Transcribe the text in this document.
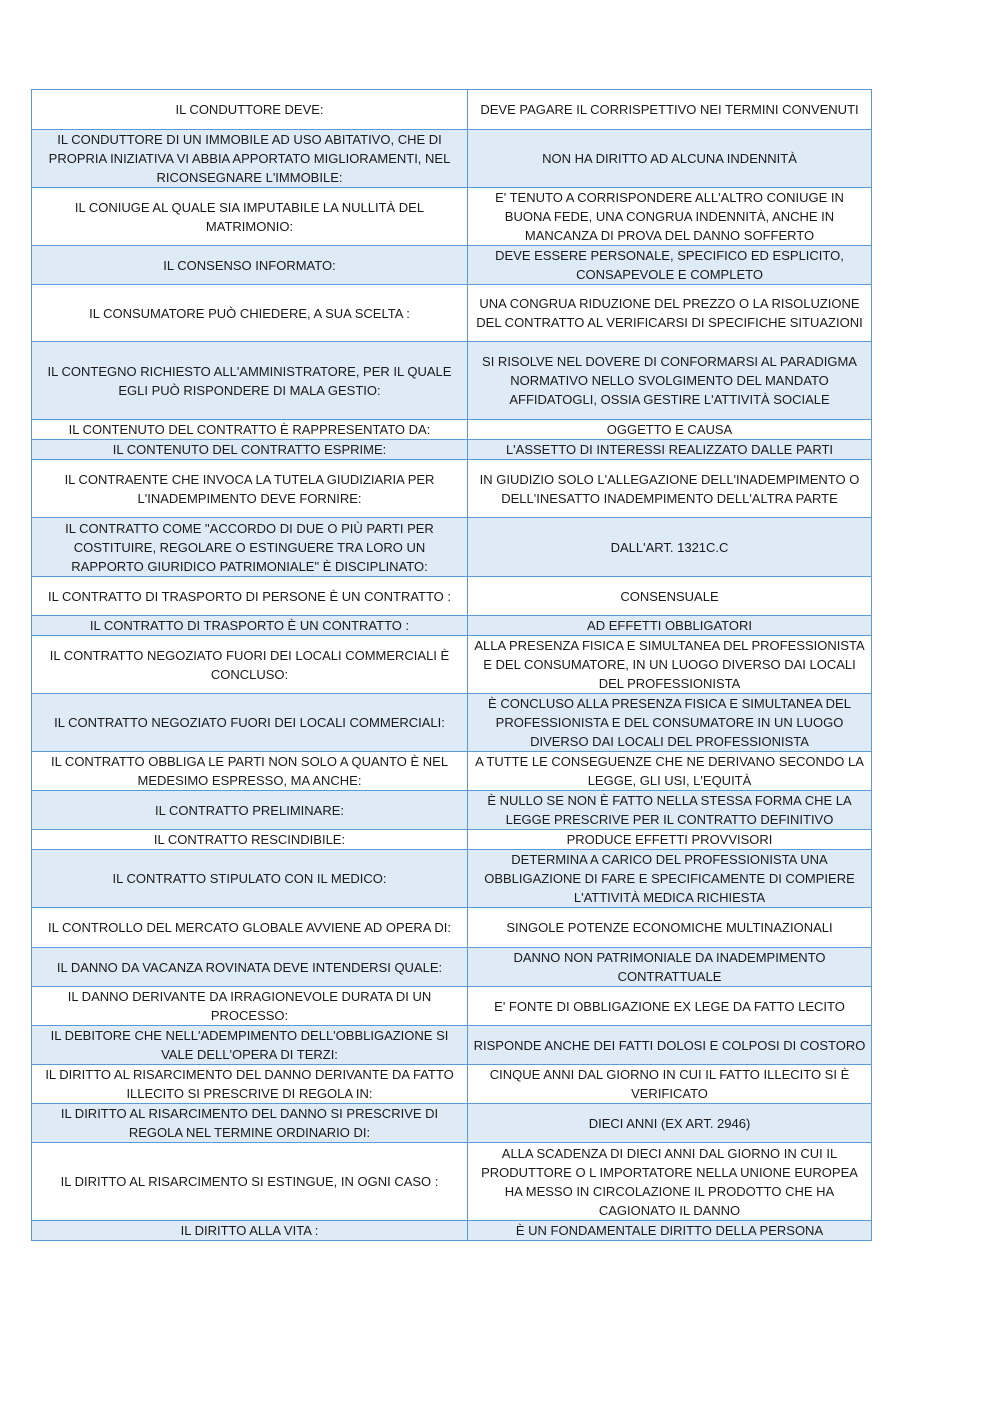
IL CONDUTTORE DEVE:	DEVE PAGARE IL CORRISPETTIVO NEI TERMINI CONVENUTI
IL CONDUTTORE DI UN IMMOBILE AD USO ABITATIVO, CHE DI PROPRIA INIZIATIVA VI ABBIA APPORTATO MIGLIORAMENTI, NEL RICONSEGNARE L'IMMOBILE:	NON HA DIRITTO AD ALCUNA INDENNITÀ
IL CONIUGE AL QUALE SIA IMPUTABILE LA NULLITÀ DEL MATRIMONIO:	E' TENUTO A CORRISPONDERE ALL'ALTRO CONIUGE IN BUONA FEDE, UNA CONGRUA INDENNITÀ, ANCHE IN MANCANZA DI PROVA DEL DANNO SOFFERTO
IL CONSENSO INFORMATO:	DEVE ESSERE PERSONALE, SPECIFICO ED ESPLICITO, CONSAPEVOLE E COMPLETO
IL CONSUMATORE PUÒ CHIEDERE, A SUA SCELTA :	UNA CONGRUA RIDUZIONE DEL PREZZO O LA RISOLUZIONE DEL CONTRATTO AL VERIFICARSI DI SPECIFICHE SITUAZIONI
IL CONTEGNO RICHIESTO ALL'AMMINISTRATORE, PER IL QUALE EGLI PUÒ RISPONDERE DI MALA GESTIO:	SI RISOLVE NEL DOVERE DI CONFORMARSI AL PARADIGMA NORMATIVO NELLO SVOLGIMENTO DEL MANDATO AFFIDATOGLI, OSSIA GESTIRE L'ATTIVITÀ SOCIALE
IL CONTENUTO DEL CONTRATTO È RAPPRESENTATO DA:	OGGETTO E CAUSA
IL CONTENUTO DEL CONTRATTO ESPRIME:	L'ASSETTO DI INTERESSI REALIZZATO DALLE PARTI
IL CONTRAENTE CHE INVOCA LA TUTELA GIUDIZIARIA PER L'INADEMPIMENTO DEVE FORNIRE:	IN GIUDIZIO SOLO L'ALLEGAZIONE DELL'INADEMPIMENTO O DELL'INESATTO INADEMPIMENTO DELL'ALTRA PARTE
IL CONTRATTO COME "ACCORDO DI DUE O PIÙ PARTI PER COSTITUIRE, REGOLARE O ESTINGUERE TRA LORO UN RAPPORTO GIURIDICO PATRIMONIALE" È DISCIPLINATO:	DALL'ART. 1321C.C
IL CONTRATTO DI TRASPORTO DI PERSONE È UN CONTRATTO :	CONSENSUALE
IL CONTRATTO DI TRASPORTO È UN CONTRATTO :	AD EFFETTI OBBLIGATORI
IL CONTRATTO NEGOZIATO FUORI DEI LOCALI COMMERCIALI È CONCLUSO:	ALLA PRESENZA FISICA E SIMULTANEA DEL PROFESSIONISTA E DEL CONSUMATORE, IN UN LUOGO DIVERSO DAI LOCALI DEL PROFESSIONISTA
IL CONTRATTO NEGOZIATO FUORI DEI LOCALI COMMERCIALI:	È CONCLUSO ALLA PRESENZA FISICA E SIMULTANEA DEL PROFESSIONISTA E DEL CONSUMATORE IN UN LUOGO DIVERSO DAI LOCALI DEL PROFESSIONISTA
IL CONTRATTO OBBLIGA LE PARTI NON SOLO A QUANTO È NEL MEDESIMO ESPRESSO, MA ANCHE:	A TUTTE LE CONSEGUENZE CHE NE DERIVANO SECONDO LA LEGGE, GLI USI, L'EQUITÀ
IL CONTRATTO PRELIMINARE:	È NULLO SE NON È FATTO NELLA STESSA FORMA CHE LA LEGGE PRESCRIVE PER IL CONTRATTO DEFINITIVO
IL CONTRATTO RESCINDIBILE:	PRODUCE EFFETTI PROVVISORI
IL CONTRATTO STIPULATO CON IL MEDICO:	DETERMINA A CARICO DEL PROFESSIONISTA UNA OBBLIGAZIONE DI FARE E SPECIFICAMENTE DI COMPIERE L'ATTIVITÀ MEDICA RICHIESTA
IL CONTROLLO DEL MERCATO GLOBALE AVVIENE AD OPERA DI:	SINGOLE POTENZE ECONOMICHE MULTINAZIONALI
IL DANNO DA VACANZA ROVINATA DEVE INTENDERSI QUALE:	DANNO NON PATRIMONIALE DA INADEMPIMENTO CONTRATTUALE
IL DANNO DERIVANTE DA IRRAGIONEVOLE DURATA DI UN PROCESSO:	E' FONTE DI OBBLIGAZIONE EX LEGE DA FATTO LECITO
IL DEBITORE CHE NELL'ADEMPIMENTO DELL'OBBLIGAZIONE SI VALE DELL'OPERA DI TERZI:	RISPONDE ANCHE DEI FATTI DOLOSI E COLPOSI DI COSTORO
IL DIRITTO AL RISARCIMENTO DEL DANNO DERIVANTE DA FATTO ILLECITO SI PRESCRIVE DI REGOLA IN:	CINQUE ANNI DAL GIORNO IN CUI IL FATTO ILLECITO SI È VERIFICATO
IL DIRITTO AL RISARCIMENTO DEL DANNO SI PRESCRIVE DI REGOLA NEL TERMINE ORDINARIO DI:	DIECI ANNI (EX ART. 2946)
IL DIRITTO AL RISARCIMENTO SI ESTINGUE, IN OGNI CASO :	ALLA SCADENZA DI DIECI ANNI DAL GIORNO IN CUI IL PRODUTTORE O L IMPORTATORE NELLA UNIONE EUROPEA HA MESSO IN CIRCOLAZIONE IL PRODOTTO CHE HA CAGIONATO IL DANNO
IL DIRITTO ALLA VITA :	È UN FONDAMENTALE DIRITTO DELLA PERSONA
